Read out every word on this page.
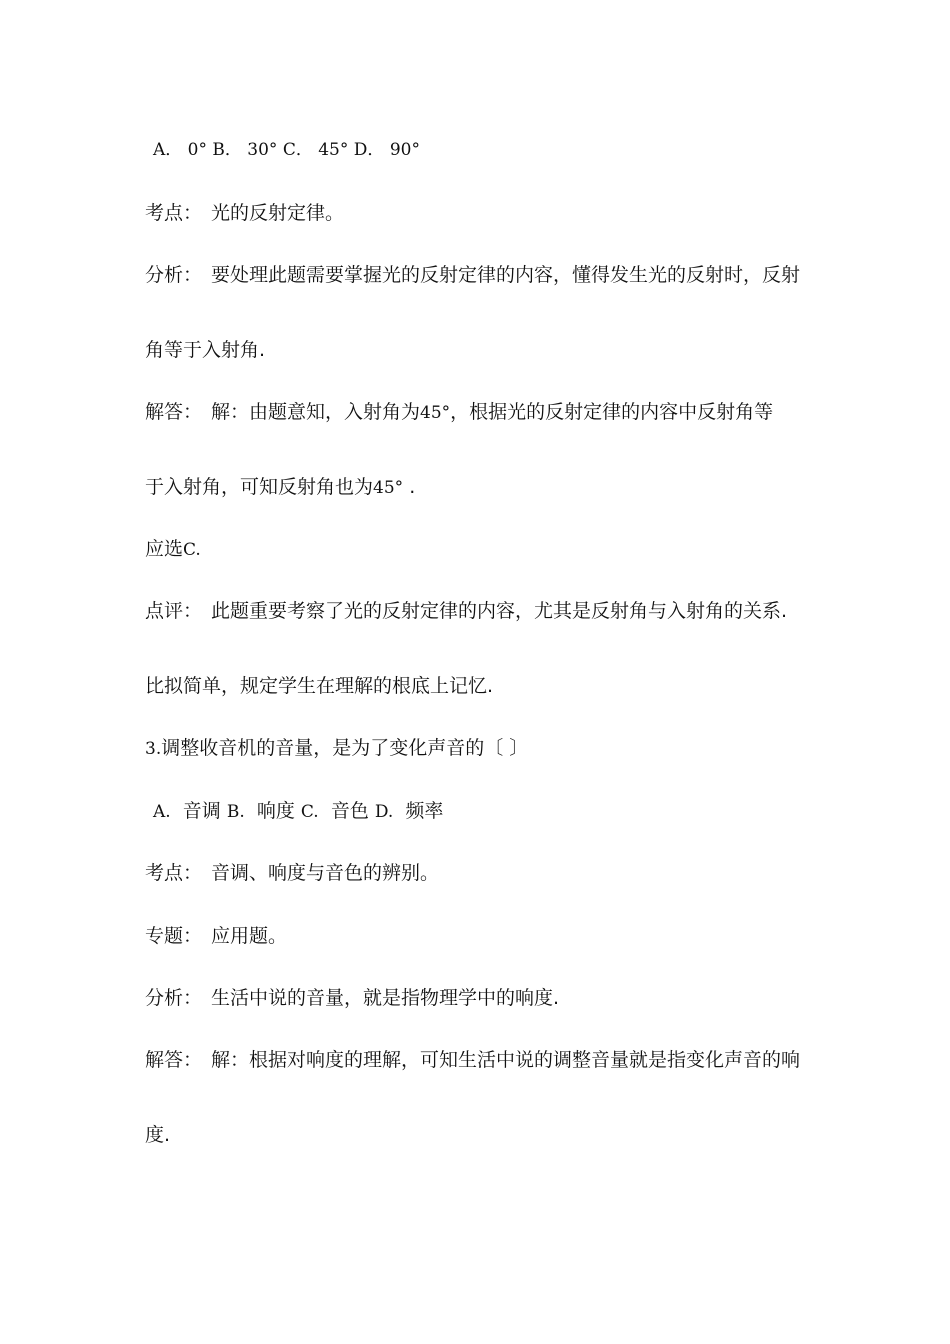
A． 0° B． 30° C． 45° D． 90°

考点： 光的反射定律。

分析： 要处理此题需要掌握光的反射定律的内容，懂得发生光的反射时，反射

角等于入射角.

解答： 解：由题意知，入射角为45°，根据光的反射定律的内容中反射角等

于入射角，可知反射角也为45° .

应选C.

点评： 此题重要考察了光的反射定律的内容，尤其是反射角与入射角的关系.

比拟简单，规定学生在理解的根底上记忆.

3.调整收音机的音量，是为了变化声音的〔 〕

A. 音调 B. 响度 C. 音色 D. 频率

考点： 音调、响度与音色的辨别。

专题： 应用题。

分析： 生活中说的音量，就是指物理学中的响度.

解答： 解：根据对响度的理解，可知生活中说的调整音量就是指变化声音的响

度.
